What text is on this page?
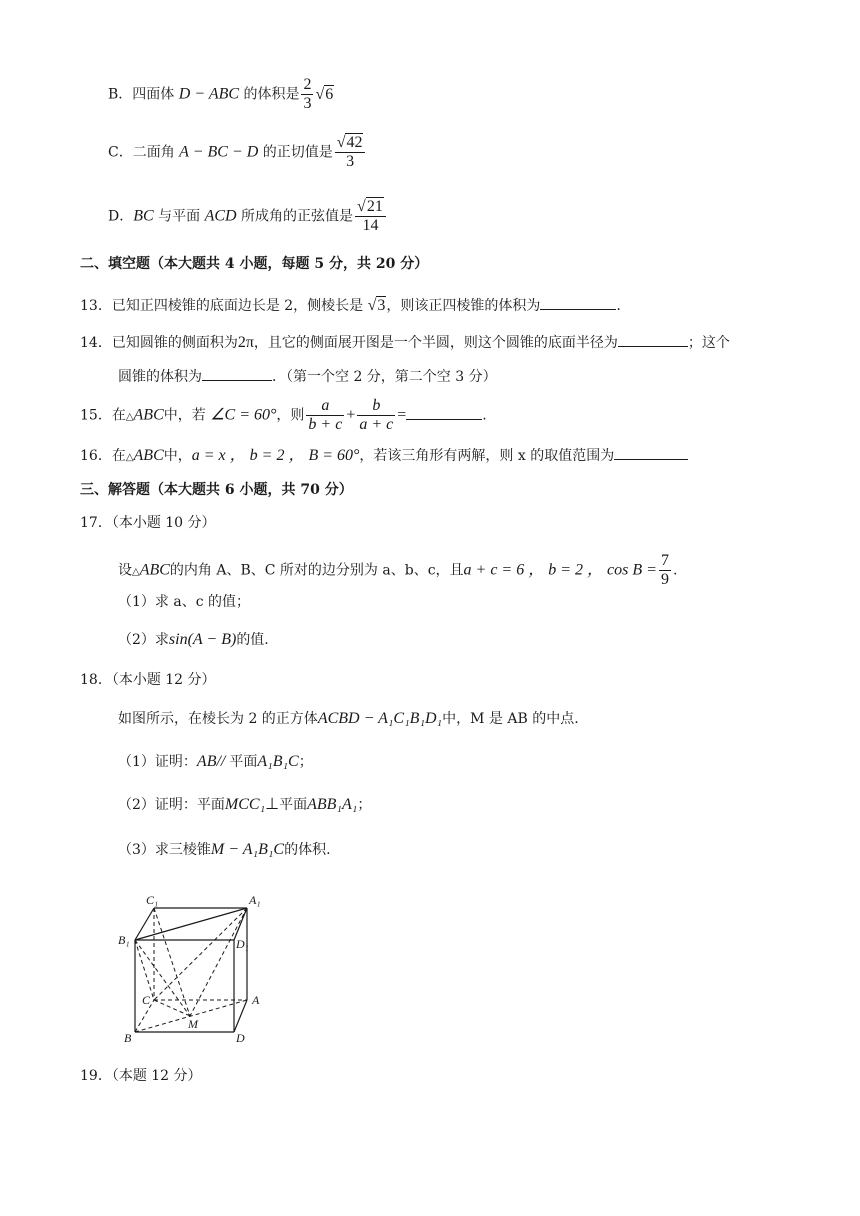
B．四面体 D − ABC 的体积是 $\frac{2}{3} √6$
C．二面角 A − BC − D 的正切值是 $\frac{√42}{3}$
D．BC 与平面 ACD 所成角的正弦值是 $\frac{√21}{14}$
二、填空题（本大题共 4 小题，每题 5 分，共 20 分）
13．已知正四棱锥的底面边长是 2，侧棱长是 √3，则该正四棱锥的体积为	.
14．已知圆锥的侧面积为2π，且它的侧面展开图是一个半圆，则这个圆锥的底面半径为	；这个
圆锥的体积为	．（第一个空 2 分，第二个空 3 分）
15．在△ABC中，若 ∠C = 60°，则 $\frac{a}{b + c} + \frac{b}{a + c}$ =	.
16．在△ABC中，a = x ， b = 2 ， B = 60°，若该三角形有两解，则 x 的取值范围为
三、解答题（本大题共 6 小题，共 70 分）
17．（本小题 10 分）
设△ABC的内角 A、B、C 所对的边分别为 a、b、c，且a + c = 6 ， b = 2 ， $\cos B = \frac{7}{9}$ .
（1）求 a、c 的值；
（2）求sin(A − B)的值.
18．（本小题 12 分）
如图所示，在棱长为 2 的正方体ACBD − A₁C₁B₁D₁中，M 是 AB 的中点.
（1）证明：AB// 平面A₁B₁C；
（2）证明：平面MCC₁⊥平面ABB₁A₁；
（3）求三棱锥M − A₁B₁C的体积.
C₁	A₁
B₁	D₁
C	A
B	D
M
19．（本题 12 分）
